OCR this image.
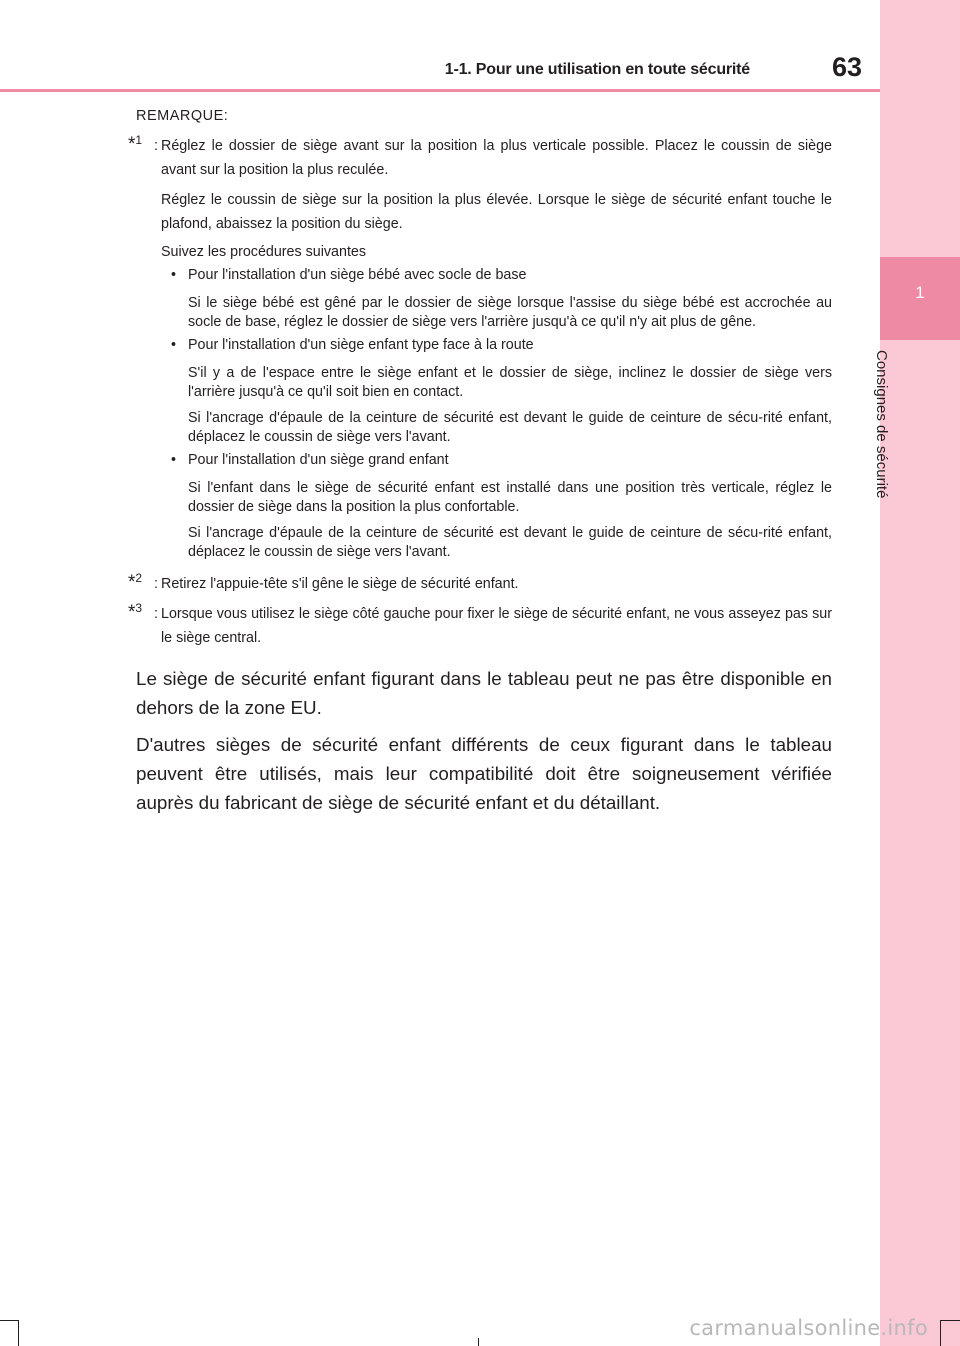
1-1. Pour une utilisation en toute sécurité	63
1
Consignes de sécurité

REMARQUE:

*$^1$ : Réglez le dossier de siège avant sur la position la plus verticale possible. Placez le coussin de siège avant sur la position la plus reculée.

Réglez le coussin de siège sur la position la plus élevée. Lorsque le siège de sécurité enfant touche le plafond, abaissez la position du siège.

Suivez les procédures suivantes

• Pour l'installation d'un siège bébé avec socle de base

Si le siège bébé est gêné par le dossier de siège lorsque l'assise du siège bébé est accrochée au socle de base, réglez le dossier de siège vers l'arrière jusqu'à ce qu'il n'y ait plus de gêne.

• Pour l'installation d'un siège enfant type face à la route

S'il y a de l'espace entre le siège enfant et le dossier de siège, inclinez le dossier de siège vers l'arrière jusqu'à ce qu'il soit bien en contact.

Si l'ancrage d'épaule de la ceinture de sécurité est devant le guide de ceinture de sécu-rité enfant, déplacez le coussin de siège vers l'avant.

• Pour l'installation d'un siège grand enfant

Si l'enfant dans le siège de sécurité enfant est installé dans une position très verticale, réglez le dossier de siège dans la position la plus confortable.

Si l'ancrage d'épaule de la ceinture de sécurité est devant le guide de ceinture de sécu-rité enfant, déplacez le coussin de siège vers l'avant.

*$^2$ : Retirez l'appuie-tête s'il gêne le siège de sécurité enfant.

*$^3$ : Lorsque vous utilisez le siège côté gauche pour fixer le siège de sécurité enfant, ne vous asseyez pas sur le siège central.

Le siège de sécurité enfant figurant dans le tableau peut ne pas être disponible en dehors de la zone EU.

D'autres sièges de sécurité enfant différents de ceux figurant dans le tableau peuvent être utilisés, mais leur compatibilité doit être soigneusement vérifiée auprès du fabricant de siège de sécurité enfant et du détaillant.

carmanualsonline.info
